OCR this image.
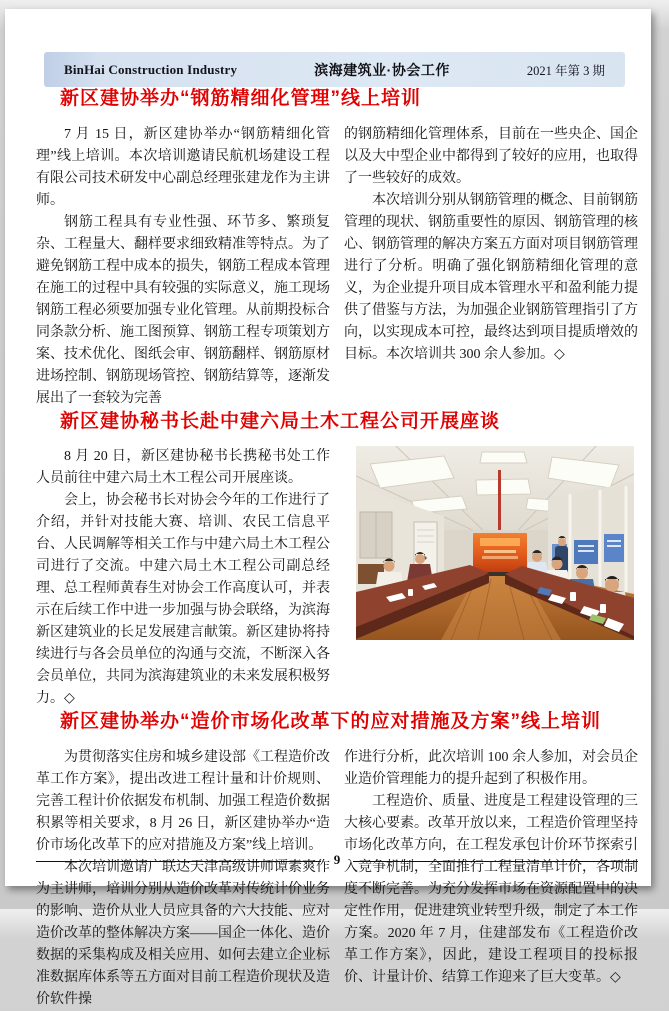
BinHai Construction Industry	滨海建筑业·协会工作	2021 年第 3 期
新区建协举办“钢筋精细化管理”线上培训

7 月 15 日，新区建协举办“钢筋精细化管理”线上培训。本次培训邀请民航机场建设工程有限公司技术研发中心副总经理张建龙作为主讲师。

钢筋工程具有专业性强、环节多、繁琐复杂、工程量大、翻样要求细致精准等特点。为了避免钢筋工程中成本的损失，钢筋工程成本管理在施工的过程中具有较强的实际意义，施工现场钢筋工程必须要加强专业化管理。从前期投标合同条款分析、施工图预算、钢筋工程专项策划方案、技术优化、图纸会审、钢筋翻样、钢筋原材进场控制、钢筋现场管控、钢筋结算等，逐渐发展出了一套较为完善

的钢筋精细化管理体系，目前在一些央企、国企以及大中型企业中都得到了较好的应用，也取得了一些较好的成效。

本次培训分别从钢筋管理的概念、目前钢筋管理的现状、钢筋重要性的原因、钢筋管理的核心、钢筋管理的解决方案五方面对项目钢筋管理进行了分析。明确了强化钢筋精细化管理的意义，为企业提升项目成本管理水平和盈利能力提供了借鉴与方法，为加强企业钢筋管理指引了方向，以实现成本可控，最终达到项目提质增效的目标。本次培训共 300 余人参加。◇

新区建协秘书长赴中建六局土木工程公司开展座谈

8 月 20 日，新区建协秘书长携秘书处工作人员前往中建六局土木工程公司开展座谈。

会上，协会秘书长对协会今年的工作进行了介绍，并针对技能大赛、培训、农民工信息平台、人民调解等相关工作与中建六局土木工程公司进行了交流。中建六局土木工程公司副总经理、总工程师黄春生对协会工作高度认可，并表示在后续工作中进一步加强与协会联络，为滨海新区建筑业的长足发展建言献策。新区建协将持续进行与各会员单位的沟通与交流，不断深入各会员单位，共同为滨海建筑业的未来发展积极努力。◇

新区建协举办“造价市场化改革下的应对措施及方案”线上培训

为贯彻落实住房和城乡建设部《工程造价改革工作方案》，提出改进工程计量和计价规则、完善工程计价依据发布机制、加强工程造价数据积累等相关要求，8 月 26 日，新区建协举办“造价市场化改革下的应对措施及方案”线上培训。

本次培训邀请广联达天津高级讲师谭素爽作为主讲师，培训分别从造价改革对传统计价业务的影响、造价从业人员应具备的六大技能、应对造价改革的整体解决方案——国企一体化、造价数据的采集构成及相关应用、如何去建立企业标准数据库体系等五方面对目前工程造价现状及造价软件操

作进行分析，此次培训 100 余人参加，对会员企业造价管理能力的提升起到了积极作用。

工程造价、质量、进度是工程建设管理的三大核心要素。改革开放以来，工程造价管理坚持市场化改革方向，在工程发承包计价环节探索引入竞争机制，全面推行工程量清单计价，各项制度不断完善。为充分发挥市场在资源配置中的决定性作用，促进建筑业转型升级，制定了本工作方案。2020 年 7 月，住建部发布《工程造价改革工作方案》，因此，建设工程项目的投标报价、计量计价、结算工作迎来了巨大变革。◇

9
